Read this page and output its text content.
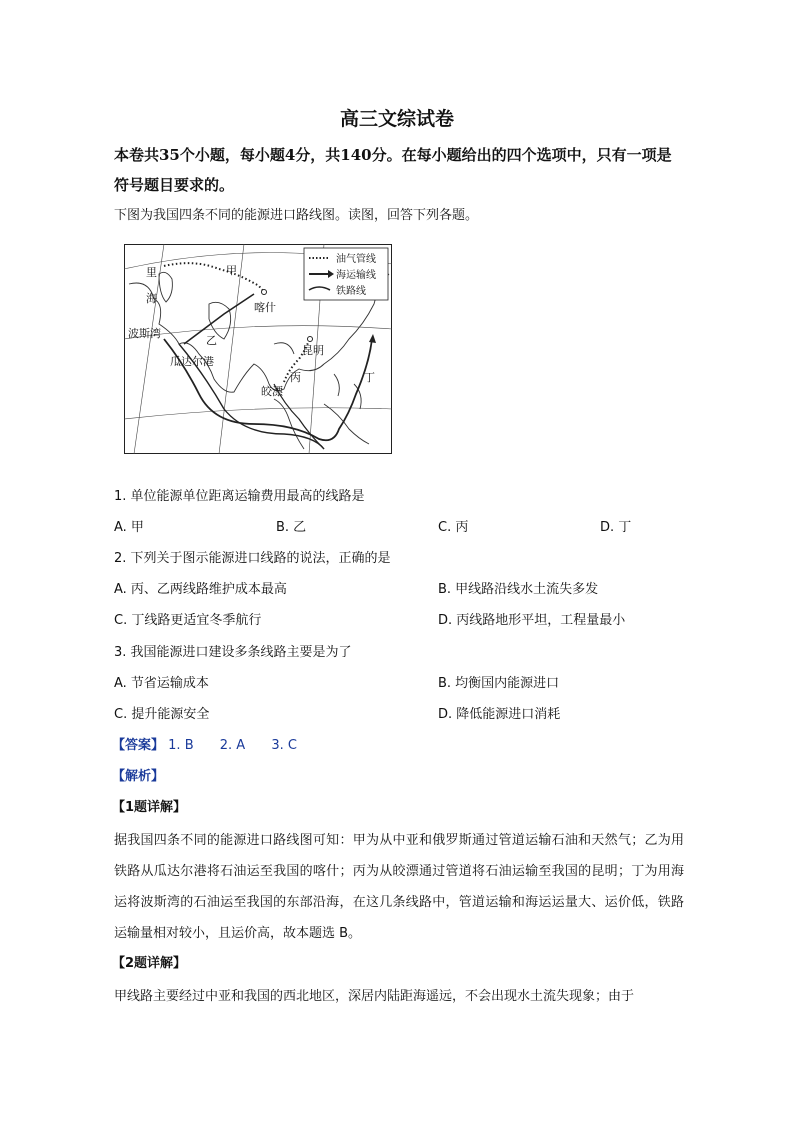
高三文综试卷
本卷共35个小题，每小题4分，共140分。在每小题给出的四个选项中，只有一项是符号题目要求的。
下图为我国四条不同的能源进口路线图。读图，回答下列各题。
油气管线
海运输线
铁路线
里
海
甲
喀什
波斯湾
乙
瓜达尔港
昆明
丙
皎漂
丁
1. 单位能源单位距离运输费用最高的线路是
A. 甲	B. 乙	C. 丙	D. 丁
2. 下列关于图示能源进口线路的说法，正确的是
A. 丙、乙两线路维护成本最高	B. 甲线路沿线水土流失多发
C. 丁线路更适宜冬季航行	D. 丙线路地形平坦，工程量最小
3. 我国能源进口建设多条线路主要是为了
A. 节省运输成本	B. 均衡国内能源进口
C. 提升能源安全	D. 降低能源进口消耗
【答案】 1. B 2. A 3. C
【解析】
【1题详解】
据我国四条不同的能源进口路线图可知：甲为从中亚和俄罗斯通过管道运输石油和天然气；乙为用铁路从瓜达尔港将石油运至我国的喀什；丙为从皎漂通过管道将石油运输至我国的昆明；丁为用海运将波斯湾的石油运至我国的东部沿海，在这几条线路中，管道运输和海运运量大、运价低，铁路运输量相对较小，且运价高，故本题选 B。
【2题详解】
甲线路主要经过中亚和我国的西北地区，深居内陆距海遥远，不会出现水土流失现象；由于
